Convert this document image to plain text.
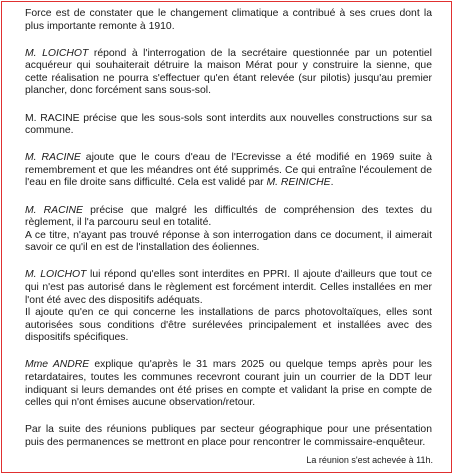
Force est de constater que le changement climatique a contribué à ses crues dont la plus importante remonte à 1910.

M. LOICHOT répond à l'interrogation de la secrétaire questionnée par un potentiel acquéreur qui souhaiterait détruire la maison Mérat pour y construire la sienne, que cette réalisation ne pourra s'effectuer qu'en étant relevée (sur pilotis) jusqu'au premier plancher, donc forcément sans sous-sol.

M. RACINE précise que les sous-sols sont interdits aux nouvelles constructions sur sa commune.

M. RACINE ajoute que le cours d'eau de l'Ecrevisse a été modifié en 1969 suite à remembrement et que les méandres ont été supprimés. Ce qui entraîne l'écoulement de l'eau en file droite sans difficulté. Cela est validé par M. REINICHE.

M. RACINE précise que malgré les difficultés de compréhension des textes du règlement, il l'a parcouru seul en totalité.
A ce titre, n'ayant pas trouvé réponse à son interrogation dans ce document, il aimerait savoir ce qu'il en est de l'installation des éoliennes.

M. LOICHOT lui répond qu'elles sont interdites en PPRI. Il ajoute d'ailleurs que tout ce qui n'est pas autorisé dans le règlement est forcément interdit. Celles installées en mer l'ont été avec des dispositifs adéquats.
Il ajoute qu'en ce qui concerne les installations de parcs photovoltaïques, elles sont autorisées sous conditions d'être surélevées principalement et installées avec des dispositifs spécifiques.

Mme ANDRE explique qu'après le 31 mars 2025 ou quelque temps après pour les retardataires, toutes les communes recevront courant juin un courrier de la DDT leur indiquant si leurs demandes ont été prises en compte et validant la prise en compte de celles qui n'ont émises aucune observation/retour.

Par la suite des réunions publiques par secteur géographique pour une présentation puis des permanences se mettront en place pour rencontrer le commissaire-enquêteur.

La réunion s'est achevée à 11h.
